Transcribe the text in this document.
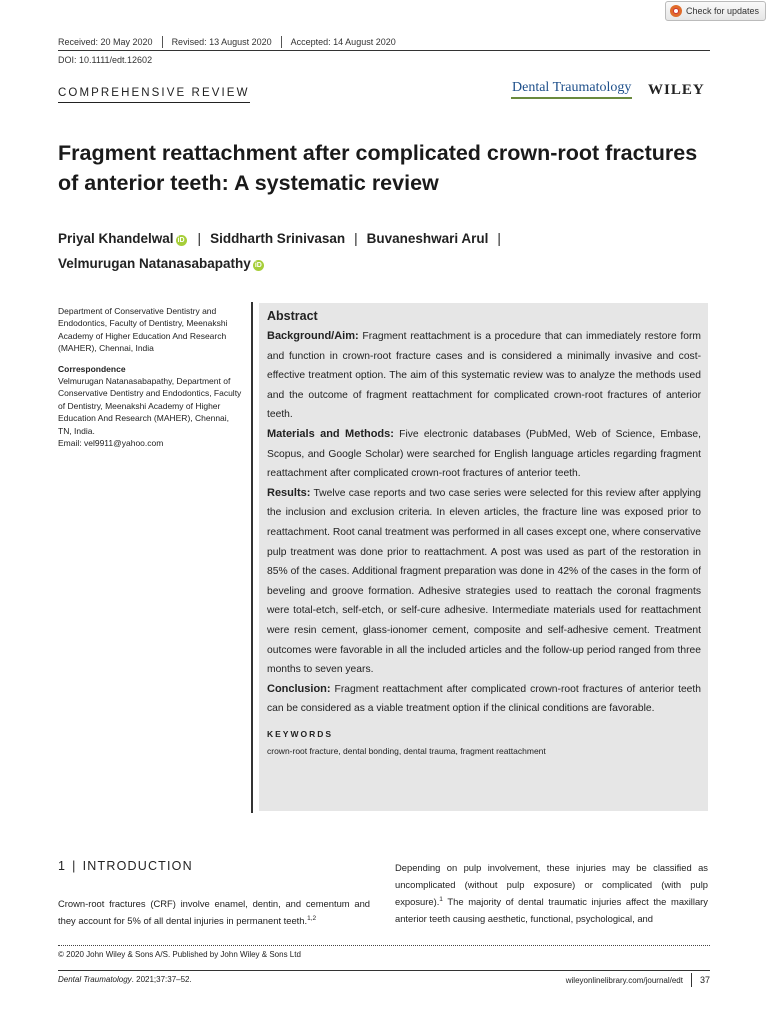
Check for updates
Received: 20 May 2020	Revised: 13 August 2020	Accepted: 14 August 2020
DOI: 10.1111/edt.12602
COMPREHENSIVE REVIEW	Dental Traumatology WILEY
Fragment reattachment after complicated crown-root fractures of anterior teeth: A systematic review
Priyal Khandelwal iD | Siddharth Srinivasan | Buvaneshwari Arul |
Velmurugan Natanasabapathy iD
Department of Conservative Dentistry and Endodontics, Faculty of Dentistry, Meenakshi Academy of Higher Education And Research (MAHER), Chennai, India
Correspondence
Velmurugan Natanasabapathy, Department of Conservative Dentistry and Endodontics, Faculty of Dentistry, Meenakshi Academy of Higher Education And Research (MAHER), Chennai, TN, India.
Email: vel9911@yahoo.com
Abstract
Background/Aim: Fragment reattachment is a procedure that can immediately restore form and function in crown-root fracture cases and is considered a minimally invasive and cost-effective treatment option. The aim of this systematic review was to analyze the methods used and the outcome of fragment reattachment for complicated crown-root fractures of anterior teeth.
Materials and Methods: Five electronic databases (PubMed, Web of Science, Embase, Scopus, and Google Scholar) were searched for English language articles regarding fragment reattachment after complicated crown-root fractures of anterior teeth.
Results: Twelve case reports and two case series were selected for this review after applying the inclusion and exclusion criteria. In eleven articles, the fracture line was exposed prior to reattachment. Root canal treatment was performed in all cases except one, where conservative pulp treatment was done prior to reattachment. A post was used as part of the restoration in 85% of the cases. Additional fragment preparation was done in 42% of the cases in the form of beveling and groove formation. Adhesive strategies used to reattach the coronal fragments were total-etch, self-etch, or self-cure adhesive. Intermediate materials used for reattachment were resin cement, glass-ionomer cement, composite and self-adhesive cement. Treatment outcomes were favorable in all the included articles and the follow-up period ranged from three months to seven years.
Conclusion: Fragment reattachment after complicated crown-root fractures of anterior teeth can be considered as a viable treatment option if the clinical conditions are favorable.
KEYWORDS
crown-root fracture, dental bonding, dental trauma, fragment reattachment
1 | INTRODUCTION
Crown-root fractures (CRF) involve enamel, dentin, and cementum and they account for 5% of all dental injuries in permanent teeth.$^{1,2}$
Depending on pulp involvement, these injuries may be classified as uncomplicated (without pulp exposure) or complicated (with pulp exposure).$^1$ The majority of dental traumatic injuries affect the maxillary anterior teeth causing aesthetic, functional, psychological, and
© 2020 John Wiley & Sons A/S. Published by John Wiley & Sons Ltd
Dental Traumatology. 2021;37:37–52.	wileyonlinelibrary.com/journal/edt	37
